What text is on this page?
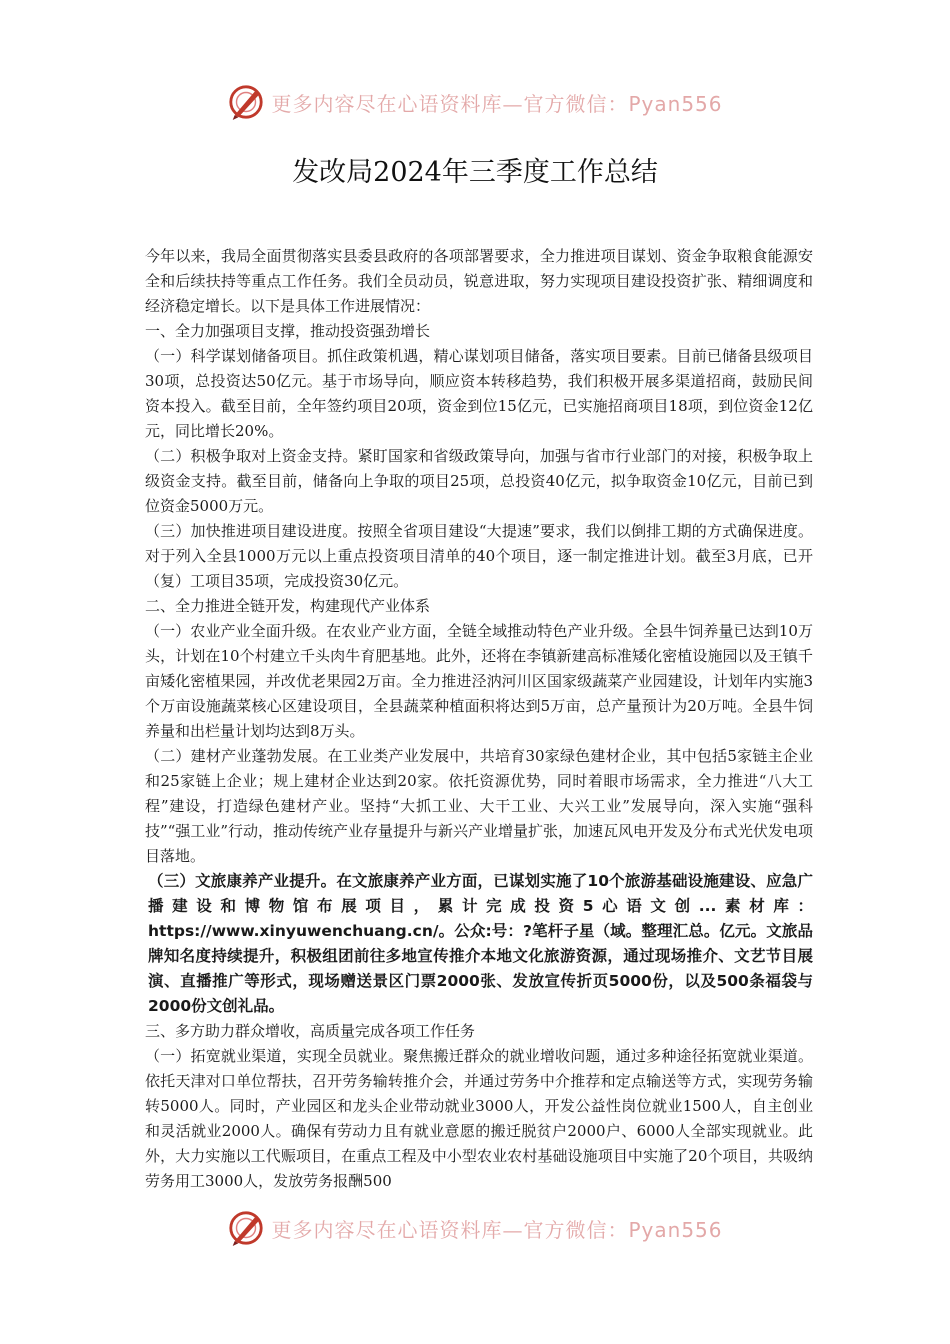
更多内容尽在心语资料库—官方微信：Pyan556
发改局2024年三季度工作总结

今年以来，我局全面贯彻落实县委县政府的各项部署要求，全力推进项目谋划、资金争取粮食能源安全和后续扶持等重点工作任务。我们全员动员，锐意进取，努力实现项目建设投资扩张、精细调度和经济稳定增长。以下是具体工作进展情况：

一、全力加强项目支撑，推动投资强劲增长

（一）科学谋划储备项目。抓住政策机遇，精心谋划项目储备，落实项目要素。目前已储备县级项目30项，总投资达50亿元。基于市场导向，顺应资本转移趋势，我们积极开展多渠道招商，鼓励民间资本投入。截至目前，全年签约项目20项，资金到位15亿元，已实施招商项目18项，到位资金12亿元，同比增长20%。

（二）积极争取对上资金支持。紧盯国家和省级政策导向，加强与省市行业部门的对接，积极争取上级资金支持。截至目前，储备向上争取的项目25项，总投资40亿元，拟争取资金10亿元，目前已到位资金5000万元。

（三）加快推进项目建设进度。按照全省项目建设“大提速”要求，我们以倒排工期的方式确保进度。对于列入全县1000万元以上重点投资项目清单的40个项目，逐一制定推进计划。截至3月底，已开（复）工项目35项，完成投资30亿元。

二、全力推进全链开发，构建现代产业体系

（一）农业产业全面升级。在农业产业方面，全链全域推动特色产业升级。全县牛饲养量已达到10万头，计划在10个村建立千头肉牛育肥基地。此外，还将在李镇新建高标准矮化密植设施园以及王镇千亩矮化密植果园，并改优老果园2万亩。全力推进泾汭河川区国家级蔬菜产业园建设，计划年内实施3个万亩设施蔬菜核心区建设项目，全县蔬菜种植面积将达到5万亩，总产量预计为20万吨。全县牛饲养量和出栏量计划均达到8万头。

（二）建材产业蓬勃发展。在工业类产业发展中，共培育30家绿色建材企业，其中包括5家链主企业和25家链上企业；规上建材企业达到20家。依托资源优势，同时着眼市场需求，全力推进“八大工程”建设，打造绿色建材产业。坚持“大抓工业、大干工业、大兴工业”发展导向，深入实施“强科技”“强工业”行动，推动传统产业存量提升与新兴产业增量扩张，加速瓦风电开发及分布式光伏发电项目落地。

（三）文旅康养产业提升。在文旅康养产业方面，已谋划实施了10个旅游基础设施建设、应急广播建设和博物馆布展项目，累计完成投资5心语文创...素材库：https://www.xinyuwenchuang.cn/。公众:号：?笔杆子星（域。整理汇总。亿元。文旅品牌知名度持续提升，积极组团前往多地宣传推介本地文化旅游资源，通过现场推介、文艺节目展演、直播推广等形式，现场赠送景区门票2000张、发放宣传折页5000份，以及500条福袋与2000份文创礼品。

三、多方助力群众增收，高质量完成各项工作任务

（一）拓宽就业渠道，实现全员就业。聚焦搬迁群众的就业增收问题，通过多种途径拓宽就业渠道。依托天津对口单位帮扶，召开劳务输转推介会，并通过劳务中介推荐和定点输送等方式，实现劳务输转5000人。同时，产业园区和龙头企业带动就业3000人，开发公益性岗位就业1500人，自主创业和灵活就业2000人。确保有劳动力且有就业意愿的搬迁脱贫户2000户、6000人全部实现就业。此外，大力实施以工代赈项目，在重点工程及中小型农业农村基础设施项目中实施了20个项目，共吸纳劳务用工3000人，发放劳务报酬500

更多内容尽在心语资料库—官方微信：Pyan556
